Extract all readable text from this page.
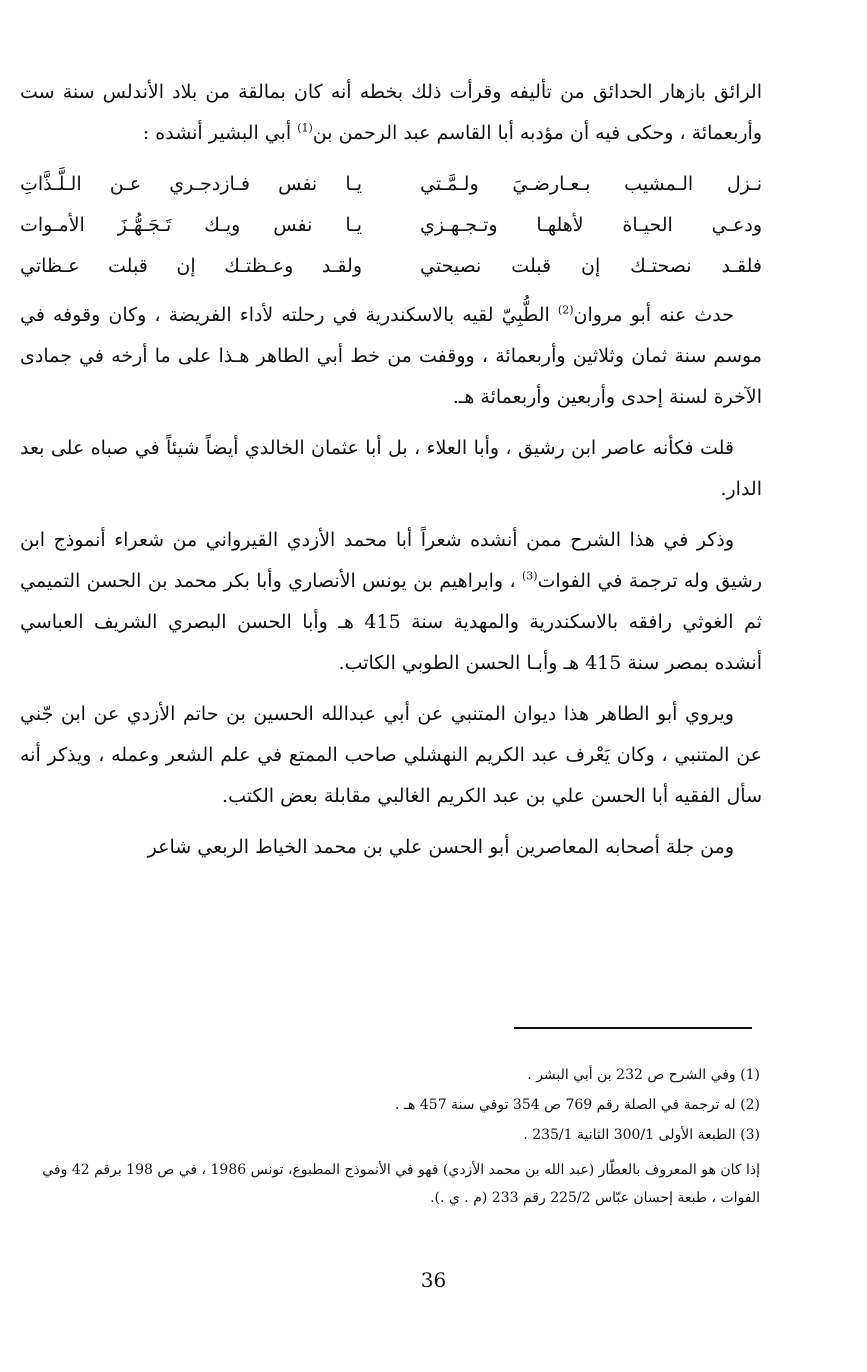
الرائق بازهار الحدائق من تأليفه وقرأت ذلك بخطه أنه كان بمالقة من بلاد الأندلس سنة ست وأربعمائة ، وحكى فيه أن مؤدبه أبا القاسم عبد الرحمن بن$^{(1)}$ أبي البشير أنشده :

نـزل الـمشيب بـعـارضـيَ ولـمَّـتي
يـا نفس فـازدجـري عـن الـلَّـذَّاتِ
ودعـي الحيـاة لأهلهـا وتـجـهـزي
يـا نفس ويـك تَـجَـهُّـزَ الأمـوات
فلقـد نصحتـك إن قبلت نصيحتي
ولقـد وعـظتـك إن قبلت عـظاتي

حدث عنه أبو مروان$^{(2)}$ الطُّبِيّ لقيه بالاسكندرية في رحلته لأداء الفريضة ، وكان وقوفه في موسم سنة ثمان وثلاثين وأربعمائة ، ووقفت من خط أبي الطاهر هـذا على ما أرخه في جمادى الآخرة لسنة إحدى وأربعين وأربعمائة هـ.

قلت فكأنه عاصر ابن رشيق ، وأبا العلاء ، بل أبا عثمان الخالدي أيضاً شيئاً في صباه على بعد الدار.

وذكر في هذا الشرح ممن أنشده شعراً أبا محمد الأزدي القيرواني من شعراء أنموذج ابن رشيق وله ترجمة في الفوات$^{(3)}$ ، وابراهيم بن يونس الأنصاري وأبا بكر محمد بن الحسن التميمي ثم الغوثي رافقه بالاسكندرية والمهدية سنة 415 هـ وأبا الحسن البصري الشريف العباسي أنشده بمصر سنة 415 هـ وأبـا الحسن الطوبي الكاتب.

ويروي أبو الطاهر هذا ديوان المتنبي عن أبي عبدالله الحسين بن حاتم الأزدي عن ابن جّني عن المتنبي ، وكان يَعْرف عبد الكريم النهشلي صاحب الممتع في علم الشعر وعمله ، ويذكر أنه سأل الفقيه أبا الحسن علي بن عبد الكريم الغالبي مقابلة بعض الكتب.

ومن جلة أصحابه المعاصرين أبو الحسن علي بن محمد الخياط الربعي شاعر

(1) وفي الشرح ص 232 بن أبي البشر .

(2) له ترجمة في الصلة رقم 769 ص 354 توفي سنة 457 هـ .

(3) الطبعة الأولى 300/1 الثانية 235/1 .

إذا كان هو المعروف بالعطّار (عبد الله بن محمد الأزدي) فهو في الأنموذج المطبوع، تونس 1986 ، في ص 198 برقم 42 وفي الفوات ، طبعة إحسان عبّاس 225/2 رقم 233 (م . ي .).

36
